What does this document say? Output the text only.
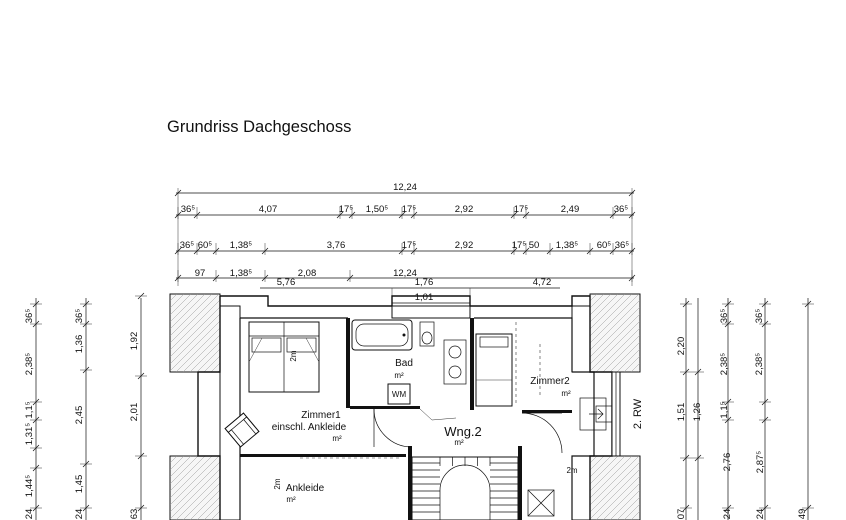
Grundriss Dachgeschoss
12,24
36⁵	4,07	17⁵ 1,50⁵ 17⁵	2,92	17⁵	2,49	36⁵
36⁵ 60⁵ 1,38⁵	3,76	17⁵	2,92	17⁵ 50 1,38⁵ 60⁵ 36⁵
97	1,38⁵	2,08	12,24
4,72
5,76	1,76
1,01
36⁵
2,38⁵
1,31⁵
1,1⁵
1,44⁵
24
36⁵
1,36
2,45
1,45
24
1,92
2,01
63
2,20
1,51
07
1,26
2,76
24
36⁵
2,38⁵
1,1⁵
2,87⁵
24
36⁵
2,38⁵
49
2m
WM
Bad
m²
Zimmer1
einschl. Ankleide
m²
Zimmer2
m²
Wng.2
m²
Ankleide
m²
2m
2m
2. RW
